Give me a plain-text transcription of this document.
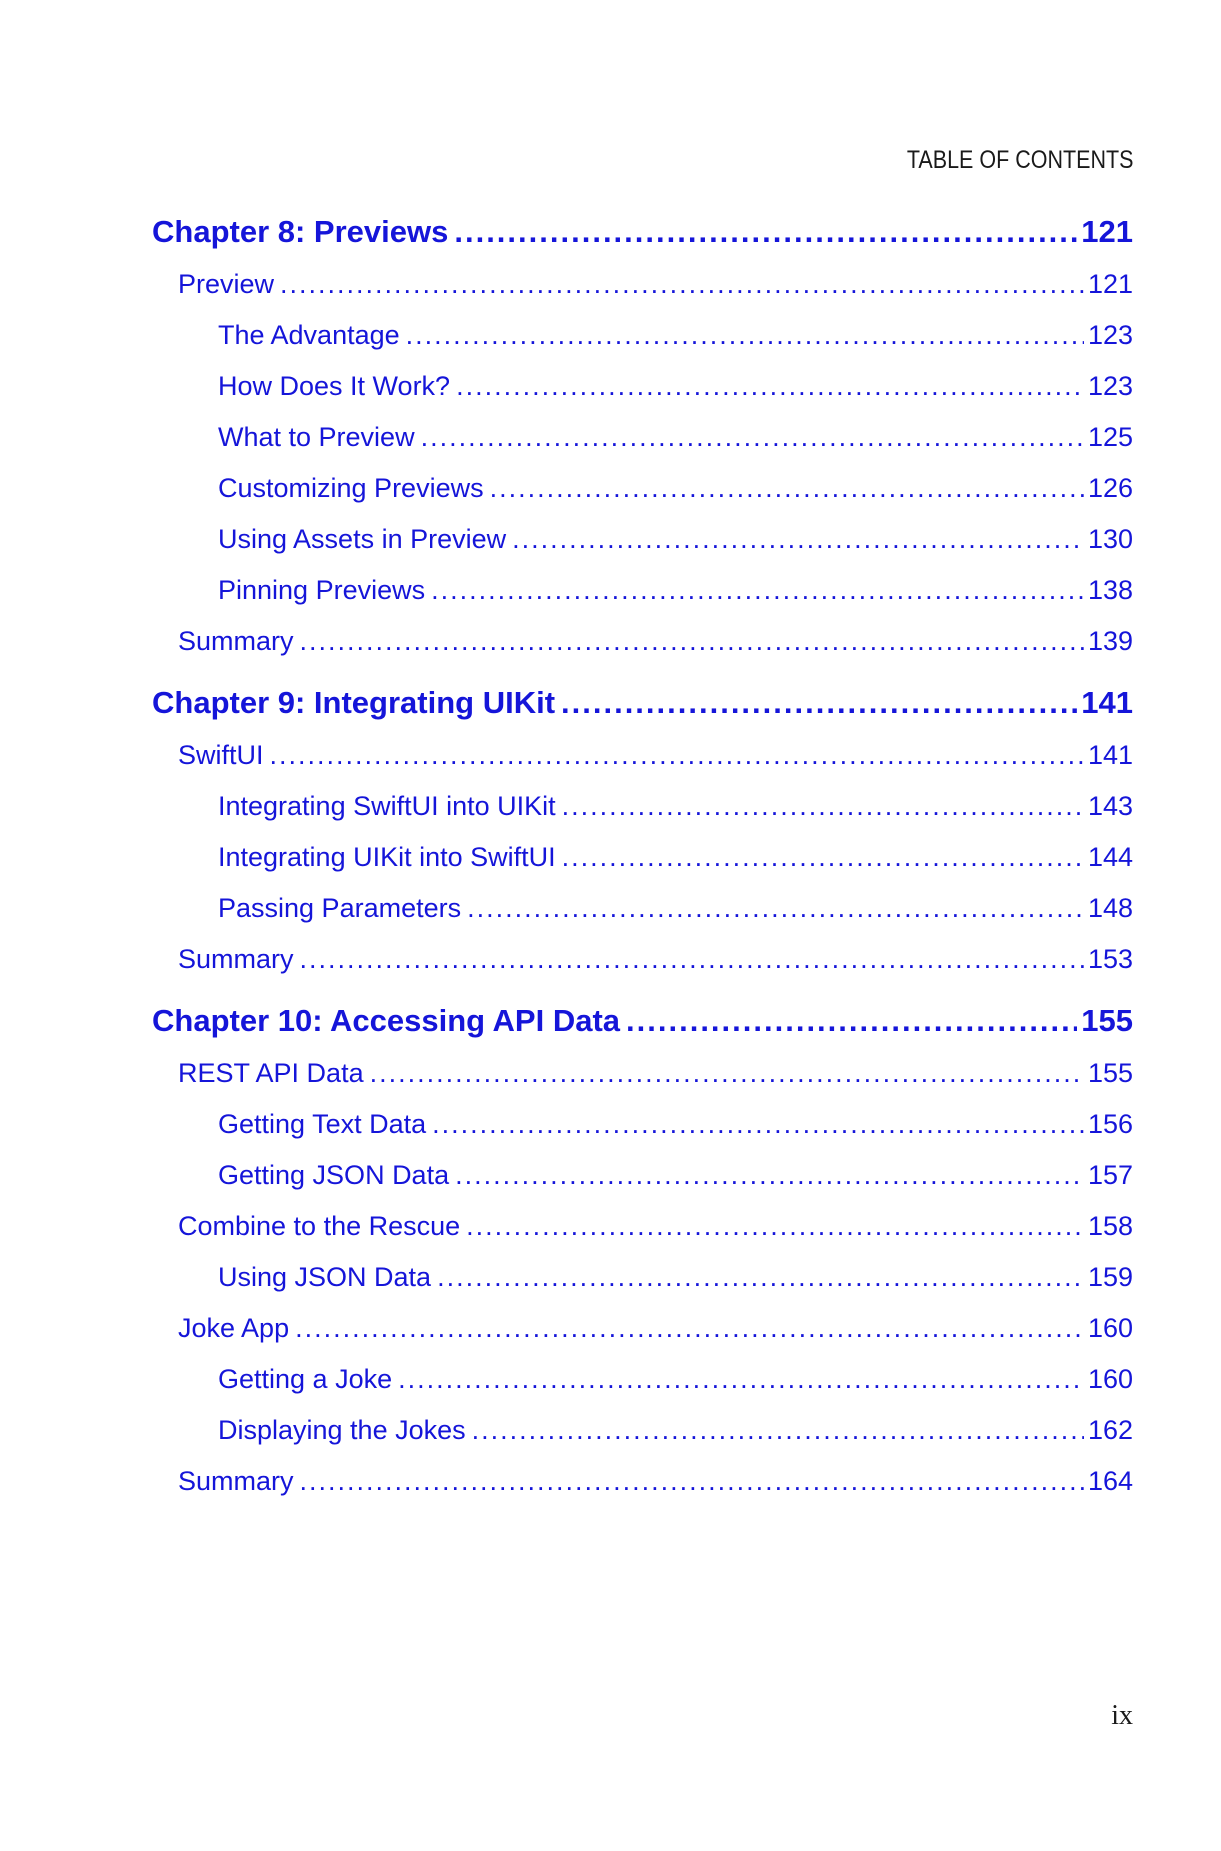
TABLE OF CONTENTS
Chapter 8: Previews .....	121
Preview .....	121
The Advantage .....	123
How Does It Work? .....	123
What to Preview .....	125
Customizing Previews .....	126
Using Assets in Preview .....	130
Pinning Previews .....	138
Summary .....	139
Chapter 9: Integrating UIKit .....	141
SwiftUI .....	141
Integrating SwiftUI into UIKit .....	143
Integrating UIKit into SwiftUI .....	144
Passing Parameters .....	148
Summary .....	153
Chapter 10: Accessing API Data .....	155
REST API Data .....	155
Getting Text Data .....	156
Getting JSON Data .....	157
Combine to the Rescue .....	158
Using JSON Data .....	159
Joke App .....	160
Getting a Joke .....	160
Displaying the Jokes .....	162
Summary .....	164
ix
